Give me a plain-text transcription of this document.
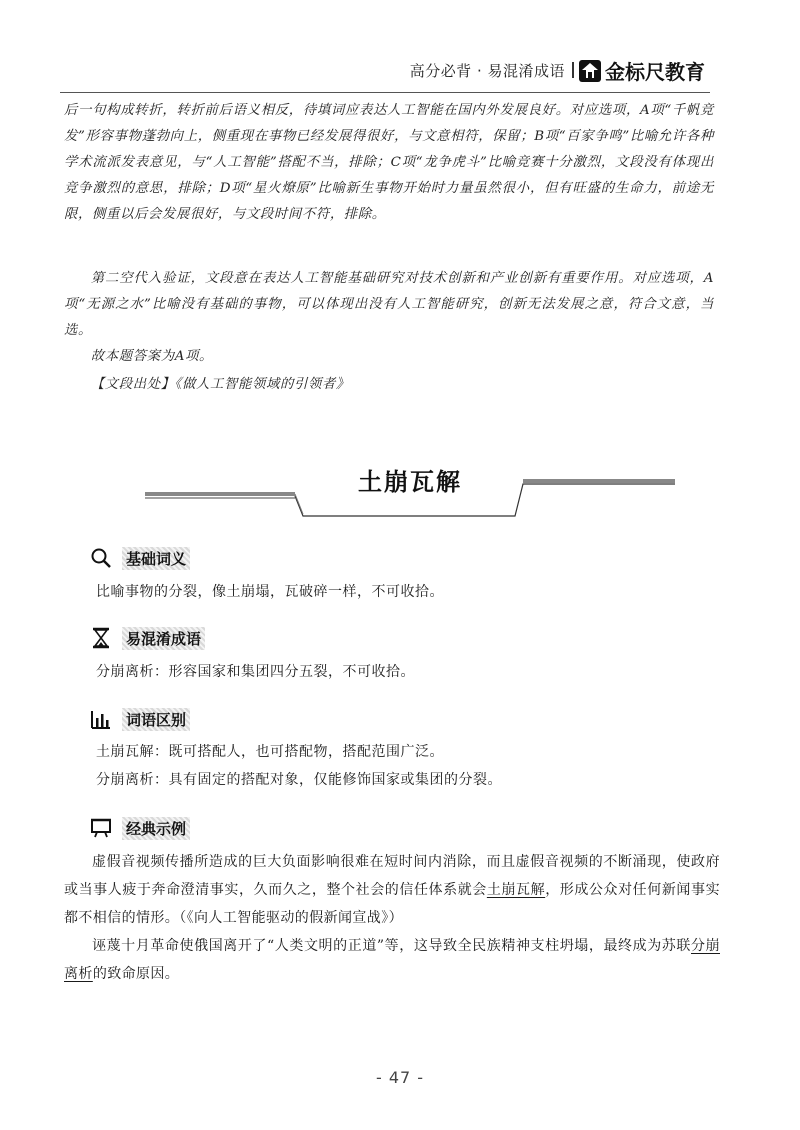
高分必背 · 易混淆成语 金标尺教育
后一句构成转折，转折前后语义相反，待填词应表达人工智能在国内外发展良好。对应选项，A项“千帆竞发”形容事物蓬勃向上，侧重现在事物已经发展得很好，与文意相符，保留；B项“百家争鸣”比喻允许各种学术流派发表意见，与“人工智能”搭配不当，排除；C项“龙争虎斗”比喻竞赛十分激烈，文段没有体现出竞争激烈的意思，排除；D项“星火燎原”比喻新生事物开始时力量虽然很小，但有旺盛的生命力，前途无限，侧重以后会发展很好，与文段时间不符，排除。
第二空代入验证，文段意在表达人工智能基础研究对技术创新和产业创新有重要作用。对应选项，A项“无源之水”比喻没有基础的事物，可以体现出没有人工智能研究，创新无法发展之意，符合文意，当选。
故本题答案为A项。
【文段出处】《做人工智能领域的引领者》
土崩瓦解
基础词义
比喻事物的分裂，像土崩塌，瓦破碎一样，不可收拾。
易混淆成语
分崩离析：形容国家和集团四分五裂，不可收拾。
词语区别
土崩瓦解：既可搭配人，也可搭配物，搭配范围广泛。
分崩离析：具有固定的搭配对象，仅能修饰国家或集团的分裂。
经典示例
虚假音视频传播所造成的巨大负面影响很难在短时间内消除，而且虚假音视频的不断涌现，使政府或当事人疲于奔命澄清事实，久而久之，整个社会的信任体系就会土崩瓦解，形成公众对任何新闻事实都不相信的情形。（《向人工智能驱动的假新闻宣战》）
诬蔑十月革命使俄国离开了“人类文明的正道”等，这导致全民族精神支柱坍塌，最终成为苏联分崩离析的致命原因。
- 47 -
